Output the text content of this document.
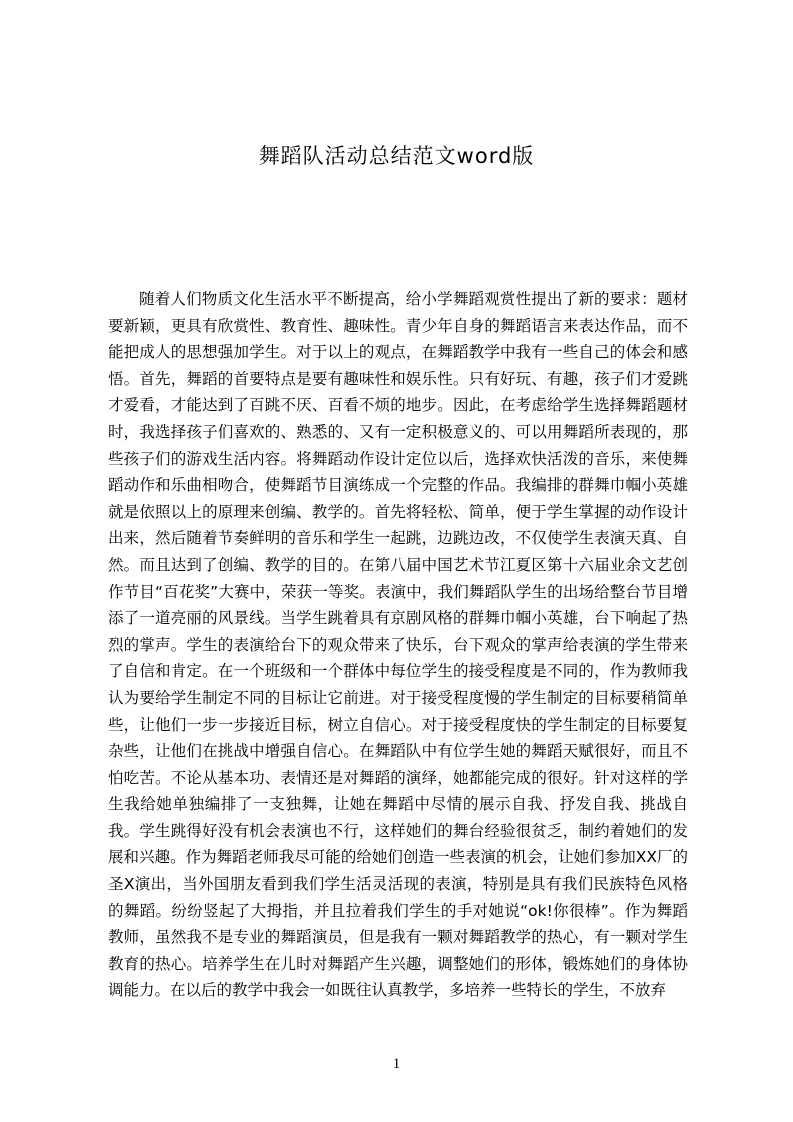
舞蹈队活动总结范文word版

随着人们物质文化生活水平不断提高，给小学舞蹈观赏性提出了新的要求：题材要新颖，更具有欣赏性、教育性、趣味性。青少年自身的舞蹈语言来表达作品，而不能把成人的思想强加学生。对于以上的观点，在舞蹈教学中我有一些自己的体会和感悟。首先，舞蹈的首要特点是要有趣味性和娱乐性。只有好玩、有趣，孩子们才爱跳才爱看，才能达到了百跳不厌、百看不烦的地步。因此，在考虑给学生选择舞蹈题材时，我选择孩子们喜欢的、熟悉的、又有一定积极意义的、可以用舞蹈所表现的，那些孩子们的游戏生活内容。将舞蹈动作设计定位以后，选择欢快活泼的音乐，来使舞蹈动作和乐曲相吻合，使舞蹈节目演练成一个完整的作品。我编排的群舞巾帼小英雄就是依照以上的原理来创编、教学的。首先将轻松、简单，便于学生掌握的动作设计出来，然后随着节奏鲜明的音乐和学生一起跳，边跳边改，不仅使学生表演天真、自然。而且达到了创编、教学的目的。在第八届中国艺术节江夏区第十六届业余文艺创作节目“百花奖”大赛中，荣获一等奖。表演中，我们舞蹈队学生的出场给整台节目增添了一道亮丽的风景线。当学生跳着具有京剧风格的群舞巾帼小英雄，台下响起了热烈的掌声。学生的表演给台下的观众带来了快乐，台下观众的掌声给表演的学生带来了自信和肯定。在一个班级和一个群体中每位学生的接受程度是不同的，作为教师我认为要给学生制定不同的目标让它前进。对于接受程度慢的学生制定的目标要稍简单些，让他们一步一步接近目标，树立自信心。对于接受程度快的学生制定的目标要复杂些，让他们在挑战中增强自信心。在舞蹈队中有位学生她的舞蹈天赋很好，而且不怕吃苦。不论从基本功、表情还是对舞蹈的演绎，她都能完成的很好。针对这样的学生我给她单独编排了一支独舞，让她在舞蹈中尽情的展示自我、抒发自我、挑战自我。学生跳得好没有机会表演也不行，这样她们的舞台经验很贫乏，制约着她们的发展和兴趣。作为舞蹈老师我尽可能的给她们创造一些表演的机会，让她们参加XX厂的圣X演出，当外国朋友看到我们学生活灵活现的表演，特别是具有我们民族特色风格的舞蹈。纷纷竖起了大拇指，并且拉着我们学生的手对她说“ok!你很棒”。作为舞蹈教师，虽然我不是专业的舞蹈演员，但是我有一颗对舞蹈教学的热心，有一颗对学生教育的热心。培养学生在儿时对舞蹈产生兴趣，调整她们的形体，锻炼她们的身体协调能力。在以后的教学中我会一如既往认真教学，多培养一些特长的学生，不放弃

1
